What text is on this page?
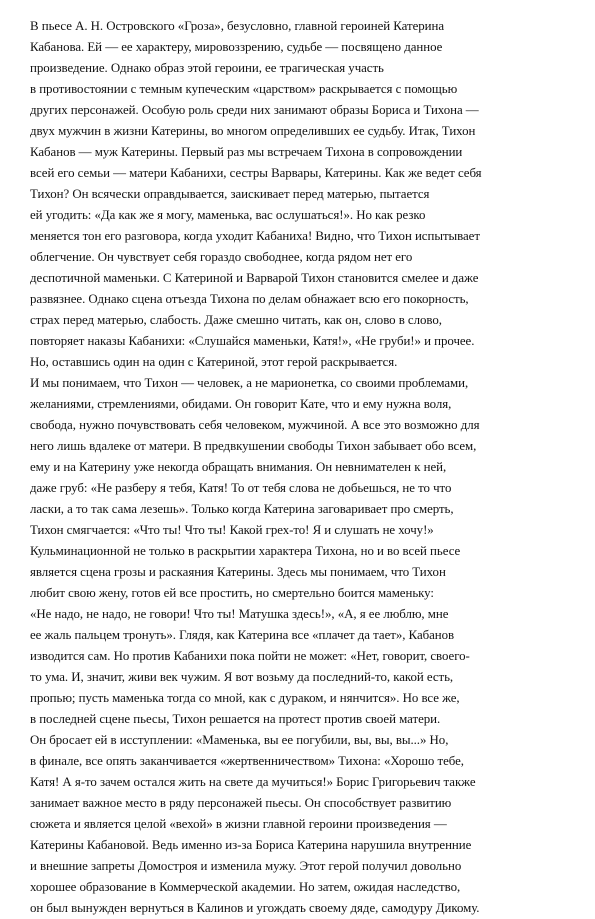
В пьесе А. Н. Островского «Гроза», безусловно, главной героиней Катерина
Кабанова. Ей — ее характеру, мировоззрению, судьбе — посвящено данное
произведение. Однако образ этой героини, ее трагическая участь
в противостоянии с темным купеческим «царством» раскрывается с помощью
других персонажей. Особую роль среди них занимают образы Бориса и Тихона —
двух мужчин в жизни Катерины, во многом определивших ее судьбу. Итак, Тихон
Кабанов — муж Катерины. Первый раз мы встречаем Тихона в сопровождении
всей его семьи — матери Кабанихи, сестры Варвары, Катерины. Как же ведет себя
Тихон? Он всячески оправдывается, заискивает перед матерью, пытается
ей угодить: «Да как же я могу, маменька, вас ослушаться!». Но как резко
меняется тон его разговора, когда уходит Кабаниха! Видно, что Тихон испытывает
облегчение. Он чувствует себя гораздо свободнее, когда рядом нет его
деспотичной маменьки. С Катериной и Варварой Тихон становится смелее и даже
развязнее. Однако сцена отъезда Тихона по делам обнажает всю его покорность,
страх перед матерью, слабость. Даже смешно читать, как он, слово в слово,
повторяет наказы Кабанихи: «Слушайся маменьки, Катя!», «Не груби!» и прочее.
Но, оставшись один на один с Катериной, этот герой раскрывается.
И мы понимаем, что Тихон — человек, а не марионетка, со своими проблемами,
желаниями, стремлениями, обидами. Он говорит Кате, что и ему нужна воля,
свобода, нужно почувствовать себя человеком, мужчиной. А все это возможно для
него лишь вдалеке от матери. В предвкушении свободы Тихон забывает обо всем,
ему и на Катерину уже некогда обращать внимания. Он невнимателен к ней,
даже груб: «Не разберу я тебя, Катя! То от тебя слова не добьешься, не то что
ласки, а то так сама лезешь». Только когда Катерина заговаривает про смерть,
Тихон смягчается: «Что ты! Что ты! Какой грех-то! Я и слушать не хочу!»
Кульминационной не только в раскрытии характера Тихона, но и во всей пьесе
является сцена грозы и раскаяния Катерины. Здесь мы понимаем, что Тихон
любит свою жену, готов ей все простить, но смертельно боится маменьку:
«Не надо, не надо, не говори! Что ты! Матушка здесь!», «А, я ее люблю, мне
ее жаль пальцем тронуть». Глядя, как Катерина все «плачет да тает», Кабанов
изводится сам. Но против Кабанихи пока пойти не может: «Нет, говорит, своего-
то ума. И, значит, живи век чужим. Я вот возьму да последний-то, какой есть,
пропью; пусть маменька тогда со мной, как с дураком, и нянчится». Но все же,
в последней сцене пьесы, Тихон решается на протест против своей матери.
Он бросает ей в исступлении: «Маменька, вы ее погубили, вы, вы, вы...» Но,
в финале, все опять заканчивается «жертвенничеством» Тихона: «Хорошо тебе,
Катя! А я-то зачем остался жить на свете да мучиться!» Борис Григорьевич также
занимает важное место в ряду персонажей пьесы. Он способствует развитию
сюжета и является целой «вехой» в жизни главной героини произведения —
Катерины Кабановой. Ведь именно из-за Бориса Катерина нарушила внутренние
и внешние запреты Домостроя и изменила мужу. Этот герой получил довольно
хорошее образование в Коммерческой академии. Но затем, ожидая наследство,
он был вынужден вернуться в Калинов и угождать своему дяде, самодуру Дикому.
